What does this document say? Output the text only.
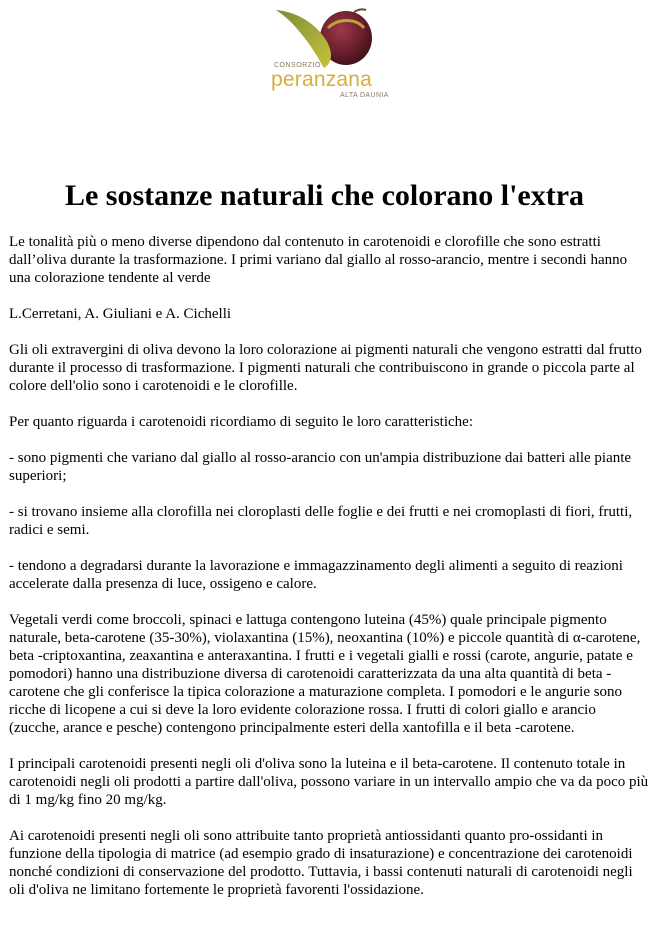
CONSORZIO
peranzana
ALTA DAUNIA
Le sostanze naturali che colorano l'extra

Le tonalità più o meno diverse dipendono dal contenuto in carotenoidi e clorofille che sono estratti dall’oliva durante la trasformazione. I primi variano dal giallo al rosso-arancio, mentre i secondi hanno una colorazione tendente al verde

L.Cerretani, A. Giuliani e A. Cichelli

Gli oli extravergini di oliva devono la loro colorazione ai pigmenti naturali che vengono estratti dal frutto durante il processo di trasformazione. I pigmenti naturali che contribuiscono in grande o piccola parte al colore dell'olio sono i carotenoidi e le clorofille.

Per quanto riguarda i carotenoidi ricordiamo di seguito le loro caratteristiche:

- sono pigmenti che variano dal giallo al rosso-arancio con un'ampia distribuzione dai batteri alle piante superiori;

- si trovano insieme alla clorofilla nei cloroplasti delle foglie e dei frutti e nei cromoplasti di fiori, frutti, radici e semi.

- tendono a degradarsi durante la lavorazione e immagazzinamento degli alimenti a seguito di reazioni accelerate dalla presenza di luce, ossigeno e calore.

Vegetali verdi come broccoli, spinaci e lattuga contengono luteina (45%) quale principale pigmento naturale, beta-carotene (35-30%), violaxantina (15%), neoxantina (10%) e piccole quantità di α-carotene, beta -criptoxantina, zeaxantina e anteraxantina. I frutti e i vegetali gialli e rossi (carote, angurie, patate e pomodori) hanno una distribuzione diversa di carotenoidi caratterizzata da una alta quantità di beta -carotene che gli conferisce la tipica colorazione a maturazione completa. I pomodori e le angurie sono ricche di licopene a cui si deve la loro evidente colorazione rossa. I frutti di colori giallo e arancio (zucche, arance e pesche) contengono principalmente esteri della xantofilla e il beta -carotene.

I principali carotenoidi presenti negli oli d'oliva sono la luteina e il beta-carotene. Il contenuto totale in carotenoidi negli oli prodotti a partire dall'oliva, possono variare in un intervallo ampio che va da poco più di 1 mg/kg fino 20 mg/kg.

Ai carotenoidi presenti negli oli sono attribuite tanto proprietà antiossidanti quanto pro-ossidanti in funzione della tipologia di matrice (ad esempio grado di insaturazione) e concentrazione dei carotenoidi nonché condizioni di conservazione del prodotto. Tuttavia, i bassi contenuti naturali di carotenoidi negli oli d'oliva ne limitano fortemente le proprietà favorenti l'ossidazione.
